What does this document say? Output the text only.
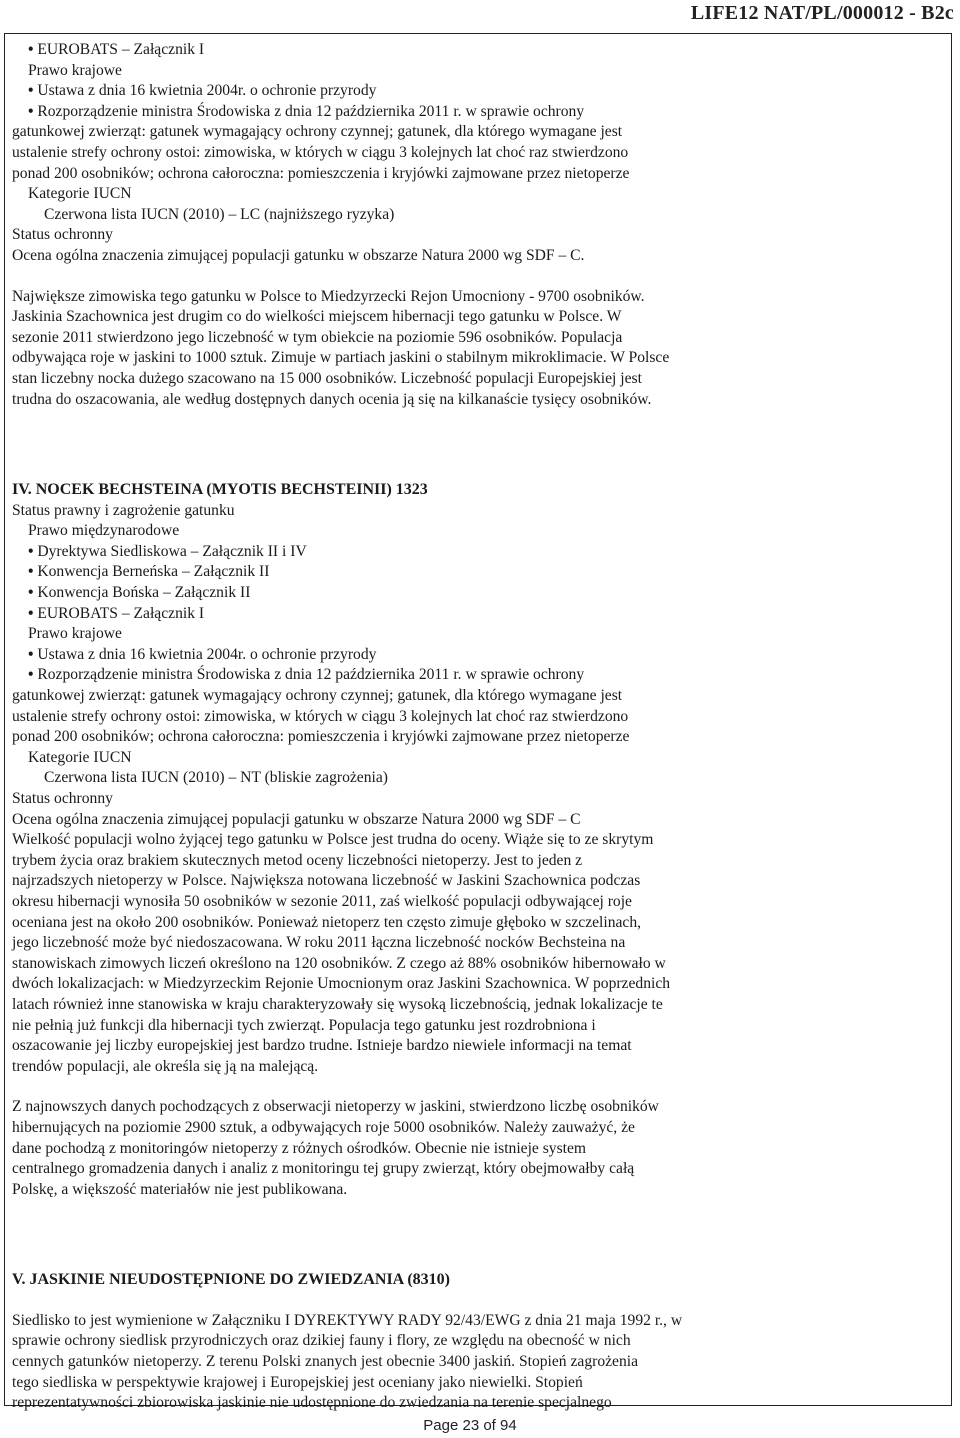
LIFE12 NAT/PL/000012 - B2c
• EUROBATS – Załącznik I
Prawo krajowe
• Ustawa z dnia 16 kwietnia 2004r. o ochronie przyrody
• Rozporządzenie ministra Środowiska z dnia 12 października 2011 r. w sprawie ochrony
gatunkowej zwierząt: gatunek wymagający ochrony czynnej; gatunek, dla którego wymagane jest
ustalenie strefy ochrony ostoi: zimowiska, w których w ciągu 3 kolejnych lat choć raz stwierdzono
ponad 200 osobników; ochrona całoroczna: pomieszczenia i kryjówki zajmowane przez nietoperze
Kategorie IUCN
Czerwona lista IUCN (2010) – LC (najniższego ryzyka)
Status ochronny
Ocena ogólna znaczenia zimującej populacji gatunku w obszarze Natura 2000 wg SDF – C.
Największe zimowiska tego gatunku w Polsce to Miedzyrzecki Rejon Umocniony - 9700 osobników.
Jaskinia Szachownica jest drugim co do wielkości miejscem hibernacji tego gatunku w Polsce. W
sezonie 2011 stwierdzono jego liczebność w tym obiekcie na poziomie 596 osobników. Populacja
odbywająca roje w jaskini to 1000 sztuk. Zimuje w partiach jaskini o stabilnym mikroklimacie. W Polsce
stan liczebny nocka dużego szacowano na 15 000 osobników. Liczebność populacji Europejskiej jest
trudna do oszacowania, ale według dostępnych danych ocenia ją się na kilkanaście tysięcy osobników.
IV. NOCEK BECHSTEINA (MYOTIS BECHSTEINII) 1323
Status prawny i zagrożenie gatunku
Prawo międzynarodowe
• Dyrektywa Siedliskowa – Załącznik II i IV
• Konwencja Berneńska – Załącznik II
• Konwencja Bońska – Załącznik II
• EUROBATS – Załącznik I
Prawo krajowe
• Ustawa z dnia 16 kwietnia 2004r. o ochronie przyrody
• Rozporządzenie ministra Środowiska z dnia 12 października 2011 r. w sprawie ochrony
gatunkowej zwierząt: gatunek wymagający ochrony czynnej; gatunek, dla którego wymagane jest
ustalenie strefy ochrony ostoi: zimowiska, w których w ciągu 3 kolejnych lat choć raz stwierdzono
ponad 200 osobników; ochrona całoroczna: pomieszczenia i kryjówki zajmowane przez nietoperze
Kategorie IUCN
Czerwona lista IUCN (2010) – NT (bliskie zagrożenia)
Status ochronny
Ocena ogólna znaczenia zimującej populacji gatunku w obszarze Natura 2000 wg SDF – C
Wielkość populacji wolno żyjącej tego gatunku w Polsce jest trudna do oceny. Wiąże się to ze skrytym
trybem życia oraz brakiem skutecznych metod oceny liczebności nietoperzy. Jest to jeden z
najrzadszych nietoperzy w Polsce. Największa notowana liczebność w Jaskini Szachownica podczas
okresu hibernacji wynosiła 50 osobników w sezonie 2011, zaś wielkość populacji odbywającej roje
oceniana jest na około 200 osobników. Ponieważ nietoperz ten często zimuje głęboko w szczelinach,
jego liczebność może być niedoszacowana. W roku 2011 łączna liczebność nocków Bechsteina na
stanowiskach zimowych liczeń określono na 120 osobników. Z czego aż 88% osobników hibernowało w
dwóch lokalizacjach: w Miedzyrzeckim Rejonie Umocnionym oraz Jaskini Szachownica. W poprzednich
latach również inne stanowiska w kraju charakteryzowały się wysoką liczebnością, jednak lokalizacje te
nie pełnią już funkcji dla hibernacji tych zwierząt. Populacja tego gatunku jest rozdrobniona i
oszacowanie jej liczby europejskiej jest bardzo trudne. Istnieje bardzo niewiele informacji na temat
trendów populacji, ale określa się ją na malejącą.
Z najnowszych danych pochodzących z obserwacji nietoperzy w jaskini, stwierdzono liczbę osobników
hibernujących na poziomie 2900 sztuk, a odbywających roje 5000 osobników. Należy zauważyć, że
dane pochodzą z monitoringów nietoperzy z różnych ośrodków. Obecnie nie istnieje system
centralnego gromadzenia danych i analiz z monitoringu tej grupy zwierząt, który obejmowałby całą
Polskę, a większość materiałów nie jest publikowana.
V. JASKINIE NIEUDOSTĘPNIONE DO ZWIEDZANIA (8310)
Siedlisko to jest wymienione w Załączniku I DYREKTYWY RADY 92/43/EWG z dnia 21 maja 1992 r., w
sprawie ochrony siedlisk przyrodniczych oraz dzikiej fauny i flory, ze względu na obecność w nich
cennych gatunków nietoperzy. Z terenu Polski znanych jest obecnie 3400 jaskiń. Stopień zagrożenia
tego siedliska w perspektywie krajowej i Europejskiej jest oceniany jako niewielki. Stopień
reprezentatywności zbiorowiska jaskinie nie udostępnione do zwiedzania na terenie specjalnego
Page 23 of 94
